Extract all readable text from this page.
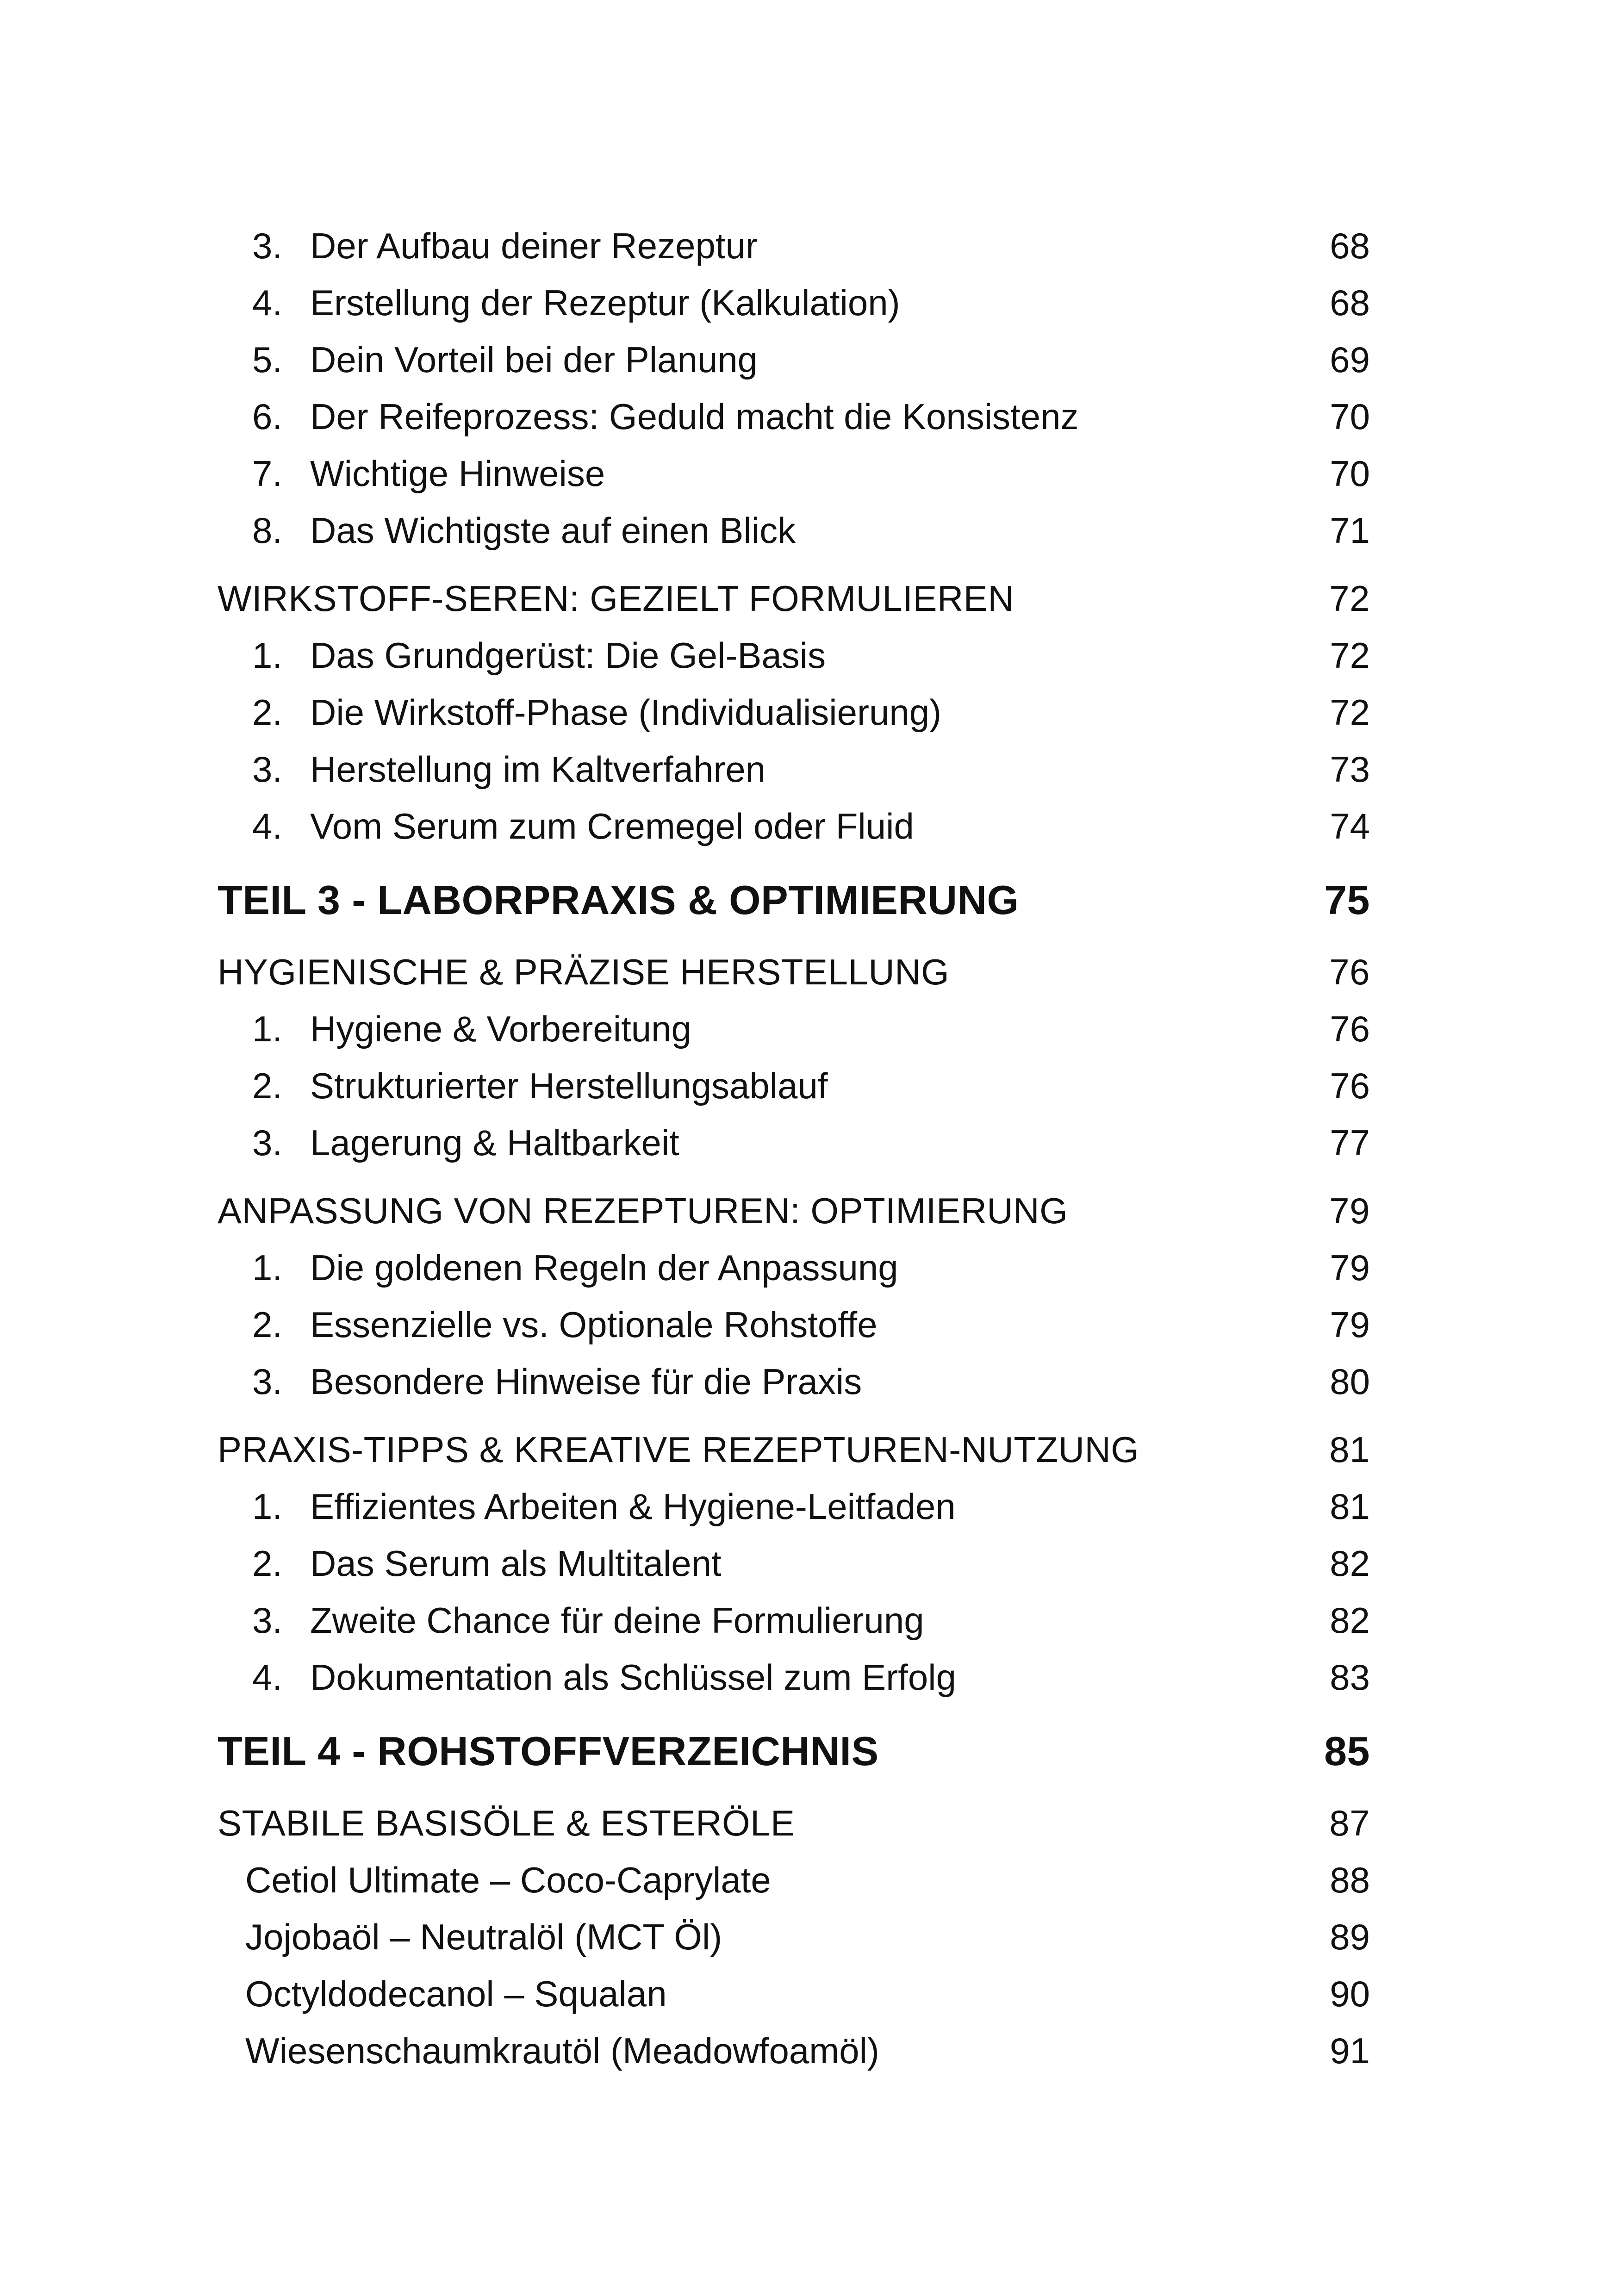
3. Der Aufbau deiner Rezeptur	68
4. Erstellung der Rezeptur (Kalkulation)	68
5. Dein Vorteil bei der Planung	69
6. Der Reifeprozess: Geduld macht die Konsistenz	70
7. Wichtige Hinweise	70
8. Das Wichtigste auf einen Blick	71
WIRKSTOFF-SEREN: GEZIELT FORMULIEREN	72
1. Das Grundgerüst: Die Gel-Basis	72
2. Die Wirkstoff-Phase (Individualisierung)	72
3. Herstellung im Kaltverfahren	73
4. Vom Serum zum Cremegel oder Fluid	74
TEIL 3 - LABORPRAXIS & OPTIMIERUNG	75
HYGIENISCHE & PRÄZISE HERSTELLUNG	76
1. Hygiene & Vorbereitung	76
2. Strukturierter Herstellungsablauf	76
3. Lagerung & Haltbarkeit	77
ANPASSUNG VON REZEPTUREN: OPTIMIERUNG	79
1. Die goldenen Regeln der Anpassung	79
2. Essenzielle vs. Optionale Rohstoffe	79
3. Besondere Hinweise für die Praxis	80
PRAXIS-TIPPS & KREATIVE REZEPTUREN-NUTZUNG	81
1. Effizientes Arbeiten & Hygiene-Leitfaden	81
2. Das Serum als Multitalent	82
3. Zweite Chance für deine Formulierung	82
4. Dokumentation als Schlüssel zum Erfolg	83
TEIL 4 - ROHSTOFFVERZEICHNIS	85
STABILE BASISÖLE & ESTERÖLE	87
Cetiol Ultimate – Coco-Caprylate	88
Jojobaöl – Neutralöl (MCT Öl)	89
Octyldodecanol – Squalan	90
Wiesenschaumkrautöl (Meadowfoamöl)	91
